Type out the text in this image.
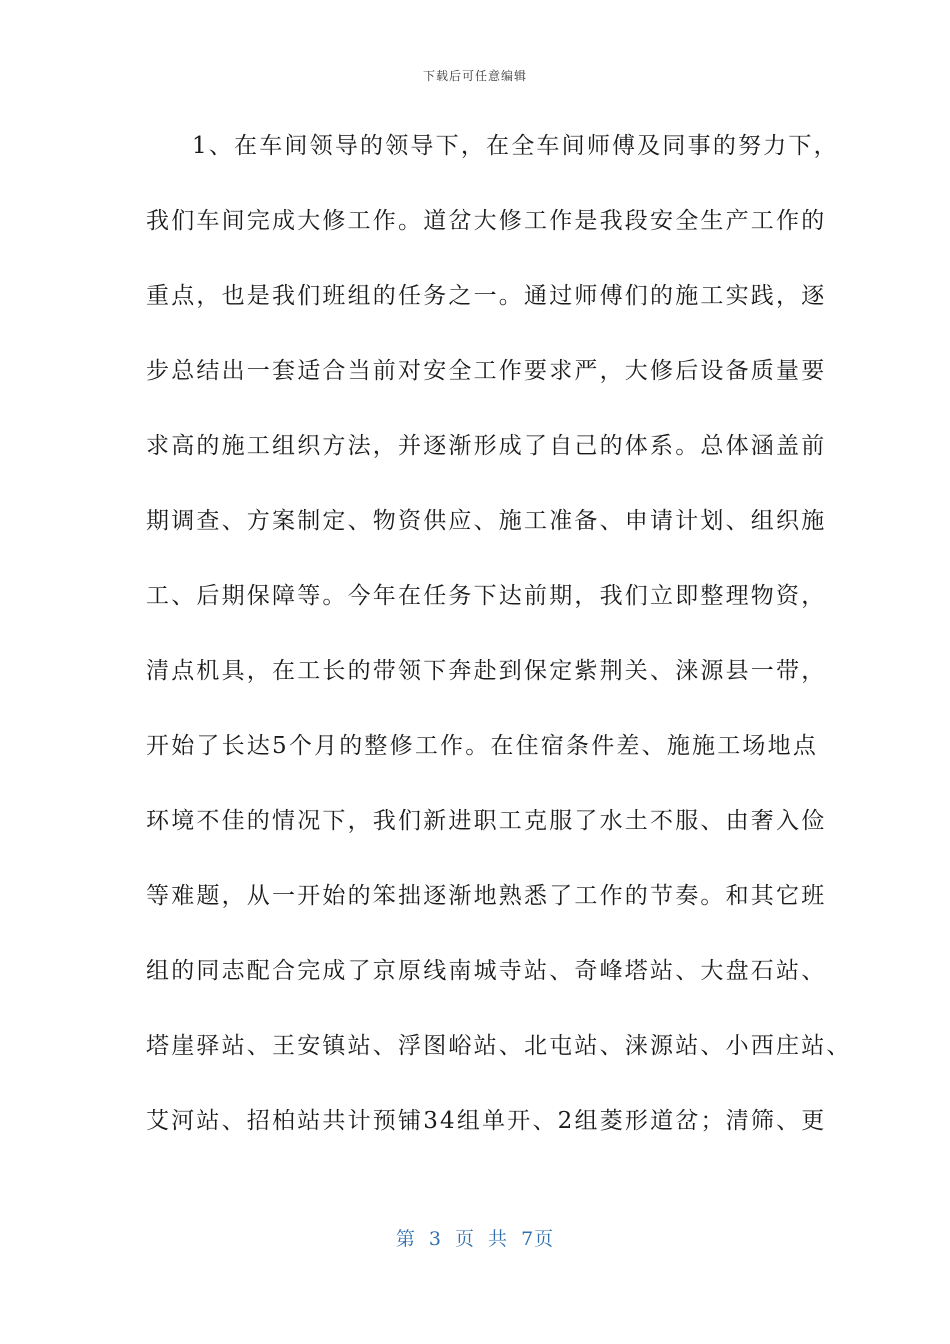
下载后可任意编辑
1、在车间领导的领导下，在全车间师傅及同事的努力下，
我们车间完成大修工作。道岔大修工作是我段安全生产工作的
重点，也是我们班组的任务之一。通过师傅们的施工实践，逐
步总结出一套适合当前对安全工作要求严，大修后设备质量要
求高的施工组织方法，并逐渐形成了自己的体系。总体涵盖前
期调查、方案制定、物资供应、施工准备、申请计划、组织施
工、后期保障等。今年在任务下达前期，我们立即整理物资，
清点机具，在工长的带领下奔赴到保定紫荆关、涞源县一带，
开始了长达5个月的整修工作。在住宿条件差、施施工场地点
环境不佳的情况下，我们新进职工克服了水土不服、由奢入俭
等难题，从一开始的笨拙逐渐地熟悉了工作的节奏。和其它班
组的同志配合完成了京原线南城寺站、奇峰塔站、大盘石站、
塔崖驿站、王安镇站、浮图峪站、北屯站、涞源站、小西庄站、
艾河站、招柏站共计预铺34组单开、2组菱形道岔；清筛、更
第 3 页 共 7页
